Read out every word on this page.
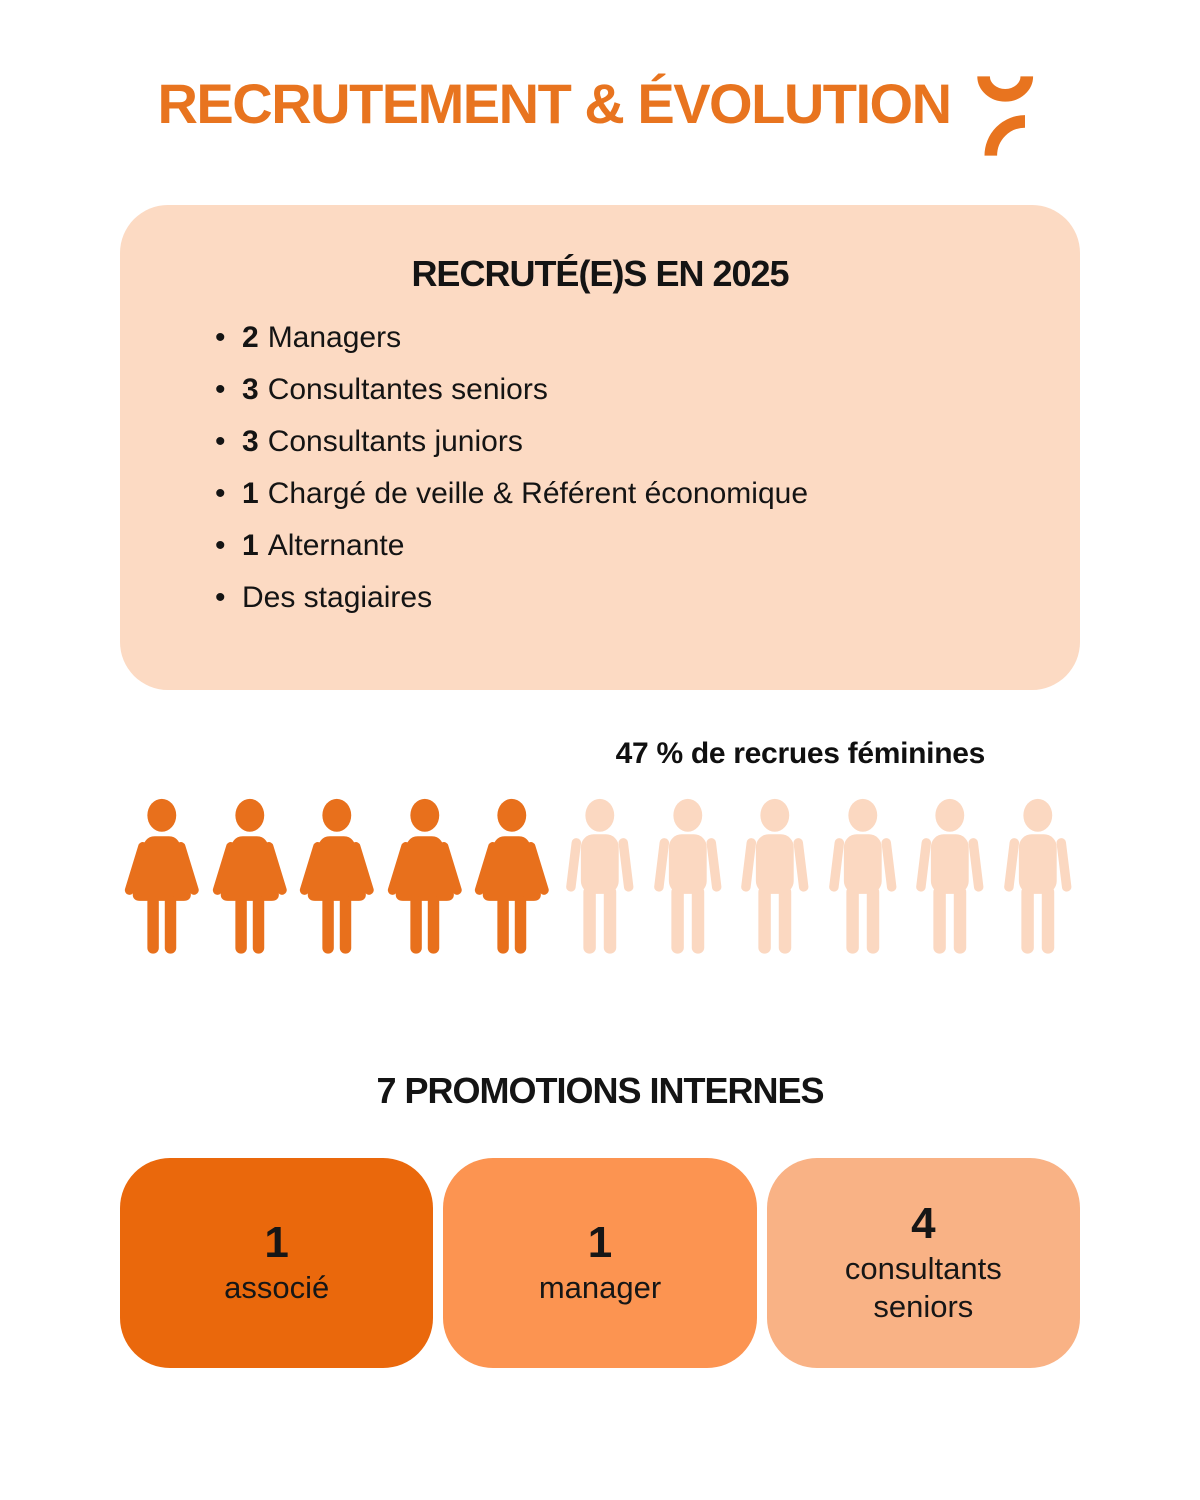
RECRUTEMENT & ÉVOLUTION
RECRUTÉ(E)S EN 2025
• 2 Managers
• 3 Consultantes seniors
• 3 Consultants juniors
• 1 Chargé de veille & Référent économique
• 1 Alternante
• Des stagiaires
47 % de recrues féminines
7 PROMOTIONS INTERNES
1
associé
1
manager
4
consultants seniors
